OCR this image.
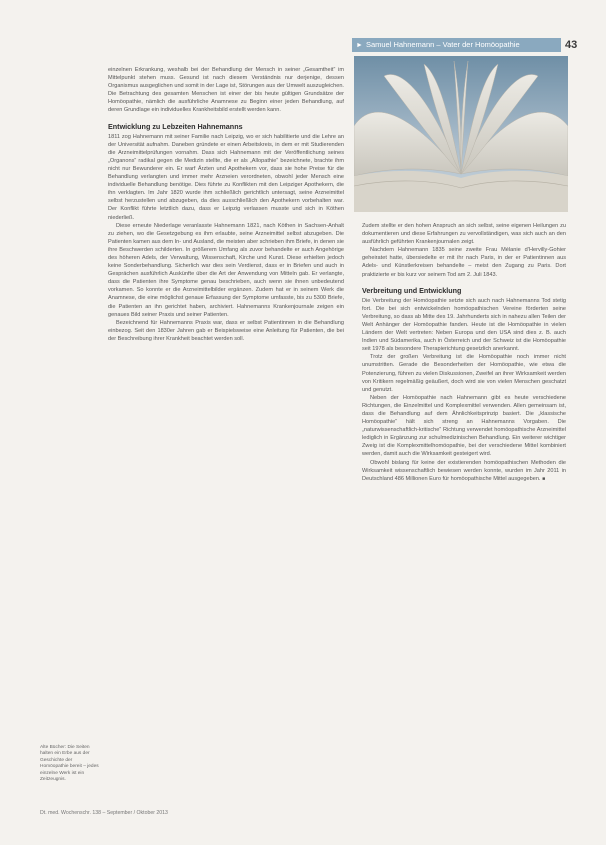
► Samuel Hahnemann – Vater der Homöopathie	43

einzelnen Erkrankung, weshalb bei der Behandlung der Mensch in seiner „Gesamtheit“ im Mittelpunkt stehen muss. Gesund ist nach diesem Verständnis nur derjenige, dessen Organismus ausgeglichen und somit in der Lage ist, Störungen aus der Umwelt auszugleichen. Die Betrachtung des gesamten Menschen ist einer der bis heute gültigen Grundsätze der Homöopathie, nämlich die ausführliche Anamnese zu Beginn einer jeden Behandlung, auf deren Grundlage ein individuelles Krankheitsbild erstellt werden kann.

Entwicklung zu Lebzeiten Hahnemanns

1811 zog Hahnemann mit seiner Familie nach Leipzig, wo er sich habilitierte und die Lehre an der Universität aufnahm. Daneben gründete er einen Arbeitskreis, in dem er mit Studierenden die Arzneimittelprüfungen vornahm. Dass sich Hahnemann mit der Veröffentlichung seines „Organons“ radikal gegen die Medizin stellte, die er als „Allopathie“ bezeichnete, brachte ihm nicht nur Bewunderer ein. Er warf Ärzten und Apothekern vor, dass sie hohe Preise für die Behandlung verlangten und immer mehr Arzneien verordneten, obwohl jeder Mensch eine individuelle Behandlung benötige. Dies führte zu Konflikten mit den Leipziger Apothekern, die ihn verklagten. Im Jahr 1820 wurde ihm schließlich gerichtlich untersagt, seine Arzneimittel selbst herzustellen und abzugeben, da dies ausschließlich den Apothekern vorbehalten war. Der Konflikt führte letztlich dazu, dass er Leipzig verlassen musste und sich in Köthen niederließ.

Diese erneute Niederlage veranlasste Hahnemann 1821, nach Köthen in Sachsen-Anhalt zu ziehen, wo die Gesetzgebung es ihm erlaubte, seine Arzneimittel selbst abzugeben. Die Patienten kamen aus dem In- und Ausland, die meisten aber schrieben ihm Briefe, in denen sie ihre Beschwerden schilderten. In größerem Umfang als zuvor behandelte er auch Angehörige des höheren Adels, der Verwaltung, Wissenschaft, Kirche und Kunst. Diese erhielten jedoch keine Sonderbehandlung. Sicherlich war dies sein Verdienst, dass er in Briefen und auch in Gesprächen ausführlich Auskünfte über die Art der Anwendung von Mitteln gab. Er verlangte, dass die Patienten ihre Symptome genau beschrieben, auch wenn sie ihnen unbedeutend vorkamen. So konnte er die Arzneimittelbilder ergänzen. Zudem hat er in seinem Werk die Anamnese, die eine möglichst genaue Erfassung der Symptome umfasste, bis zu 5300 Briefe, die Patienten an ihn gerichtet haben, archiviert. Hahnemanns Krankenjournale zeigen ein genaues Bild seiner Praxis und seiner Patienten.

Bezeichnend für Hahnemanns Praxis war, dass er selbst Patientinnen in die Behandlung einbezog. Seit den 1830er Jahren gab er Beispielsweise eine Anleitung für Patienten, die bei der Beschreibung ihrer Krankheit beachtet werden soll.

Zudem stellte er den hohen Anspruch an sich selbst, seine eigenen Heilungen zu dokumentieren und diese Erfahrungen zu vervollständigen, was sich auch an den ausführlich geführten Krankenjournalen zeigt.

Nachdem Hahnemann 1835 seine zweite Frau Mélanie d’Hervilly-Gohier geheiratet hatte, übersiedelte er mit ihr nach Paris, in der er Patientinnen aus Adels- und Künstlerkreisen behandelte – meist den Zugang zu Paris. Dort praktizierte er bis kurz vor seinem Tod am 2. Juli 1843.

Verbreitung und Entwicklung

Die Verbreitung der Homöopathie setzte sich auch nach Hahnemanns Tod stetig fort. Die bei sich entwickelnden homöopathischen Vereine förderten seine Verbreitung, so dass ab Mitte des 19. Jahrhunderts sich in nahezu allen Teilen der Welt Anhänger der Homöopathie fanden. Heute ist die Homöopathie in vielen Ländern der Welt vertreten: Neben Europa und den USA sind dies z. B. auch Indien und Südamerika, auch in Österreich und der Schweiz ist die Homöopathie seit 1978 als besondere Therapierichtung gesetzlich anerkannt.

Trotz der großen Verbreitung ist die Homöopathie noch immer nicht unumstritten. Gerade die Besonderheiten der Homöopathie, wie etwa die Potenzierung, führen zu vielen Diskussionen, Zweifel an ihrer Wirksamkeit werden von Kritikern regelmäßig geäußert, doch wird sie von vielen Menschen geschatzt und genutzt.

Neben der Homöopathie nach Hahnemann gibt es heute verschiedene Richtungen, die Einzelmittel und Komplexmittel verwenden. Allen gemeinsam ist, dass die Behandlung auf dem Ähnlichkeitsprinzip basiert. Die „klassische Homöopathie“ hält sich streng an Hahnemanns Vorgaben. Die „naturwissenschaftlich-kritische“ Richtung verwendet homöopathische Arzneimittel lediglich in Ergänzung zur schulmedizinischen Behandlung. Ein weiterer wichtiger Zweig ist die Komplexmittelhomöopathie, bei der verschiedene Mittel kombiniert werden, damit auch die Wirksamkeit gesteigert wird.

Obwohl bislang für keine der existierenden homöopathischen Methoden die Wirksamkeit wissenschaftlich bewiesen werden konnte, wurden im Jahr 2011 in Deutschland 486 Millionen Euro für homöopathische Mittel ausgegeben. ■

Alte Bücher: Die Seiten halten ein Erbe aus der Geschichte der Homöopathie bereit – jedes einzelne Werk ist ein Zeitzeugnis.
Dt. med. Wochenschr. 138 – September / Oktober 2013
